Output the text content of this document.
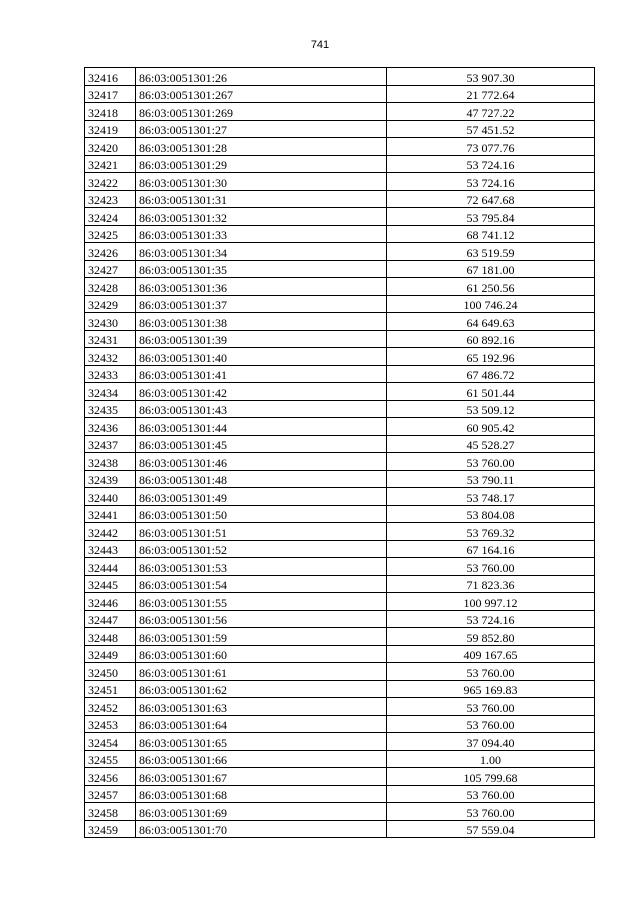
741
32416	86:03:0051301:26	53 907.30
32417	86:03:0051301:267	21 772.64
32418	86:03:0051301:269	47 727.22
32419	86:03:0051301:27	57 451.52
32420	86:03:0051301:28	73 077.76
32421	86:03:0051301:29	53 724.16
32422	86:03:0051301:30	53 724.16
32423	86:03:0051301:31	72 647.68
32424	86:03:0051301:32	53 795.84
32425	86:03:0051301:33	68 741.12
32426	86:03:0051301:34	63 519.59
32427	86:03:0051301:35	67 181.00
32428	86:03:0051301:36	61 250.56
32429	86:03:0051301:37	100 746.24
32430	86:03:0051301:38	64 649.63
32431	86:03:0051301:39	60 892.16
32432	86:03:0051301:40	65 192.96
32433	86:03:0051301:41	67 486.72
32434	86:03:0051301:42	61 501.44
32435	86:03:0051301:43	53 509.12
32436	86:03:0051301:44	60 905.42
32437	86:03:0051301:45	45 528.27
32438	86:03:0051301:46	53 760.00
32439	86:03:0051301:48	53 790.11
32440	86:03:0051301:49	53 748.17
32441	86:03:0051301:50	53 804.08
32442	86:03:0051301:51	53 769.32
32443	86:03:0051301:52	67 164.16
32444	86:03:0051301:53	53 760.00
32445	86:03:0051301:54	71 823.36
32446	86:03:0051301:55	100 997.12
32447	86:03:0051301:56	53 724.16
32448	86:03:0051301:59	59 852.80
32449	86:03:0051301:60	409 167.65
32450	86:03:0051301:61	53 760.00
32451	86:03:0051301:62	965 169.83
32452	86:03:0051301:63	53 760.00
32453	86:03:0051301:64	53 760.00
32454	86:03:0051301:65	37 094.40
32455	86:03:0051301:66	1.00
32456	86:03:0051301:67	105 799.68
32457	86:03:0051301:68	53 760.00
32458	86:03:0051301:69	53 760.00
32459	86:03:0051301:70	57 559.04
